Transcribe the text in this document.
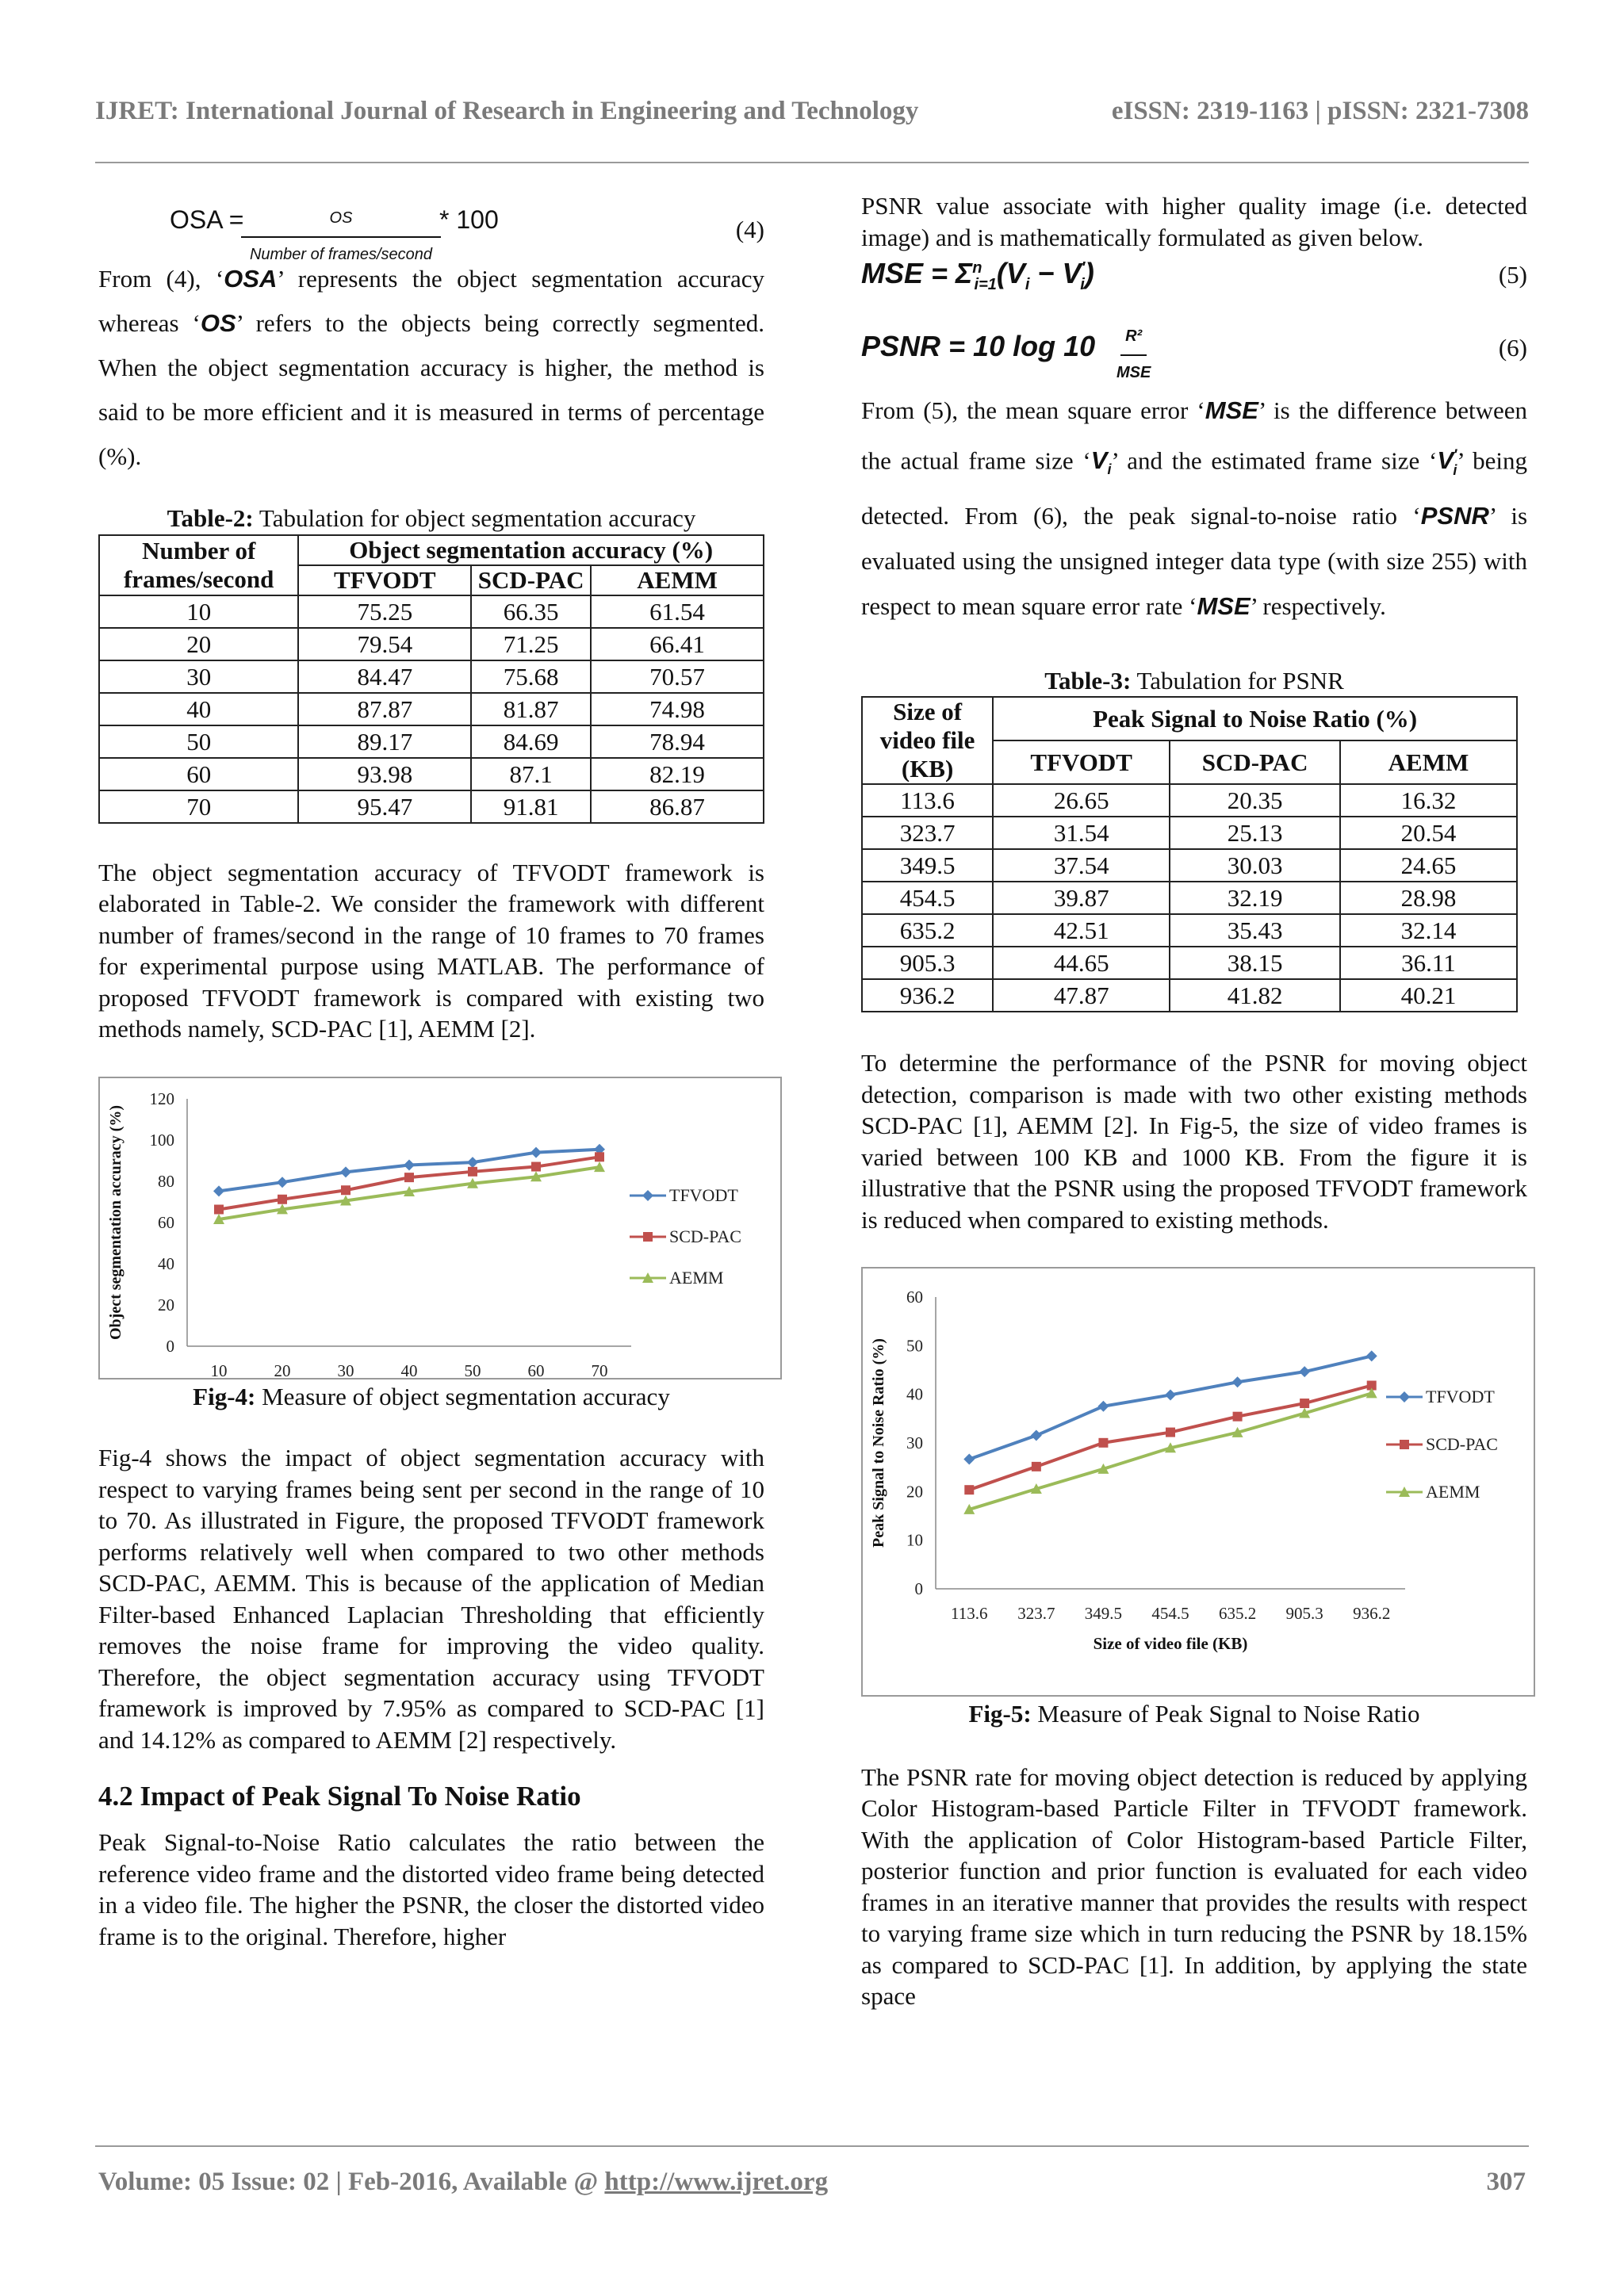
IJRET: International Journal of Research in Engineering and Technology	eISSN: 2319-1163 | pISSN: 2321-7308
OSA =	OS
Number of frames/second
* 100	(4)

From (4), ‘OSA’ represents the object segmentation accuracy whereas ‘OS’ refers to the objects being correctly segmented. When the object segmentation accuracy is higher, the method is said to be more efficient and it is measured in terms of percentage (%).

Table-2: Tabulation for object segmentation accuracy

Number of frames/second	Object segmentation accuracy (%)		
	TFVODT	SCD-PAC	AEMM
10	75.25	66.35	61.54
20	79.54	71.25	66.41
30	84.47	75.68	70.57
40	87.87	81.87	74.98
50	89.17	84.69	78.94
60	93.98	87.1	82.19
70	95.47	91.81	86.87

The object segmentation accuracy of TFVODT framework is elaborated in Table-2. We consider the framework with different number of frames/second in the range of 10 frames to 70 frames for experimental purpose using MATLAB. The performance of proposed TFVODT framework is compared with existing two methods namely, SCD-PAC [1], AEMM [2].

0
20
40
60
80
100
120
10	20	30	40	50	60	70
Object segmentation accuracy (%)	TFVODT
SCD-PAC
AEMM

Fig-4: Measure of object segmentation accuracy

Fig-4 shows the impact of object segmentation accuracy with respect to varying frames being sent per second in the range of 10 to 70. As illustrated in Figure, the proposed TFVODT framework performs relatively well when compared to two other methods SCD-PAC, AEMM. This is because of the application of Median Filter-based Enhanced Laplacian Thresholding that efficiently removes the noise frame for improving the video quality. Therefore, the object segmentation accuracy using TFVODT framework is improved by 7.95% as compared to SCD-PAC [1] and 14.12% as compared to AEMM [2] respectively.

4.2 Impact of Peak Signal To Noise Ratio

Peak Signal-to-Noise Ratio calculates the ratio between the reference video frame and the distorted video frame being detected in a video file. The higher the PSNR, the closer the distorted video frame is to the original. Therefore, higher

PSNR value associate with higher quality image (i.e. detected image) and is mathematically formulated as given below.

MSE = $\Sigma^n_{i=1}(V_i - V'_i)$	(5)
PSNR = 10 log 10	R²
MSE
(6)

From (5), the mean square error ‘MSE’ is the difference between the actual frame size ‘$V_i$’ and the estimated frame size ‘$V'_i$’ being detected. From (6), the peak signal-to-noise ratio ‘PSNR’ is evaluated using the unsigned integer data type (with size 255) with respect to mean square error rate ‘MSE’ respectively.

Table-3: Tabulation for PSNR

Size of video file (KB)	Peak Signal to Noise Ratio (%)		
	TFVODT	SCD-PAC	AEMM
113.6	26.65	20.35	16.32
323.7	31.54	25.13	20.54
349.5	37.54	30.03	24.65
454.5	39.87	32.19	28.98
635.2	42.51	35.43	32.14
905.3	44.65	38.15	36.11
936.2	47.87	41.82	40.21

To determine the performance of the PSNR for moving object detection, comparison is made with two other existing methods SCD-PAC [1], AEMM [2]. In Fig-5, the size of video frames is varied between 100 KB and 1000 KB. From the figure it is illustrative that the PSNR using the proposed TFVODT framework is reduced when compared to existing methods.

0
10
20
30
40
50
60
113.6 323.7 349.5 454.5 635.2 905.3 936.2
Size of video file (KB)
Peak Signal to Noise Ratio (%)	TFVODT
SCD-PAC
AEMM

Fig-5: Measure of Peak Signal to Noise Ratio

The PSNR rate for moving object detection is reduced by applying Color Histogram-based Particle Filter in TFVODT framework. With the application of Color Histogram-based Particle Filter, posterior function and prior function is evaluated for each video frames in an iterative manner that provides the results with respect to varying frame size which in turn reducing the PSNR by 18.15% as compared to SCD-PAC [1]. In addition, by applying the state space

Volume: 05 Issue: 02 | Feb-2016, Available @ http://www.ijret.org	307
